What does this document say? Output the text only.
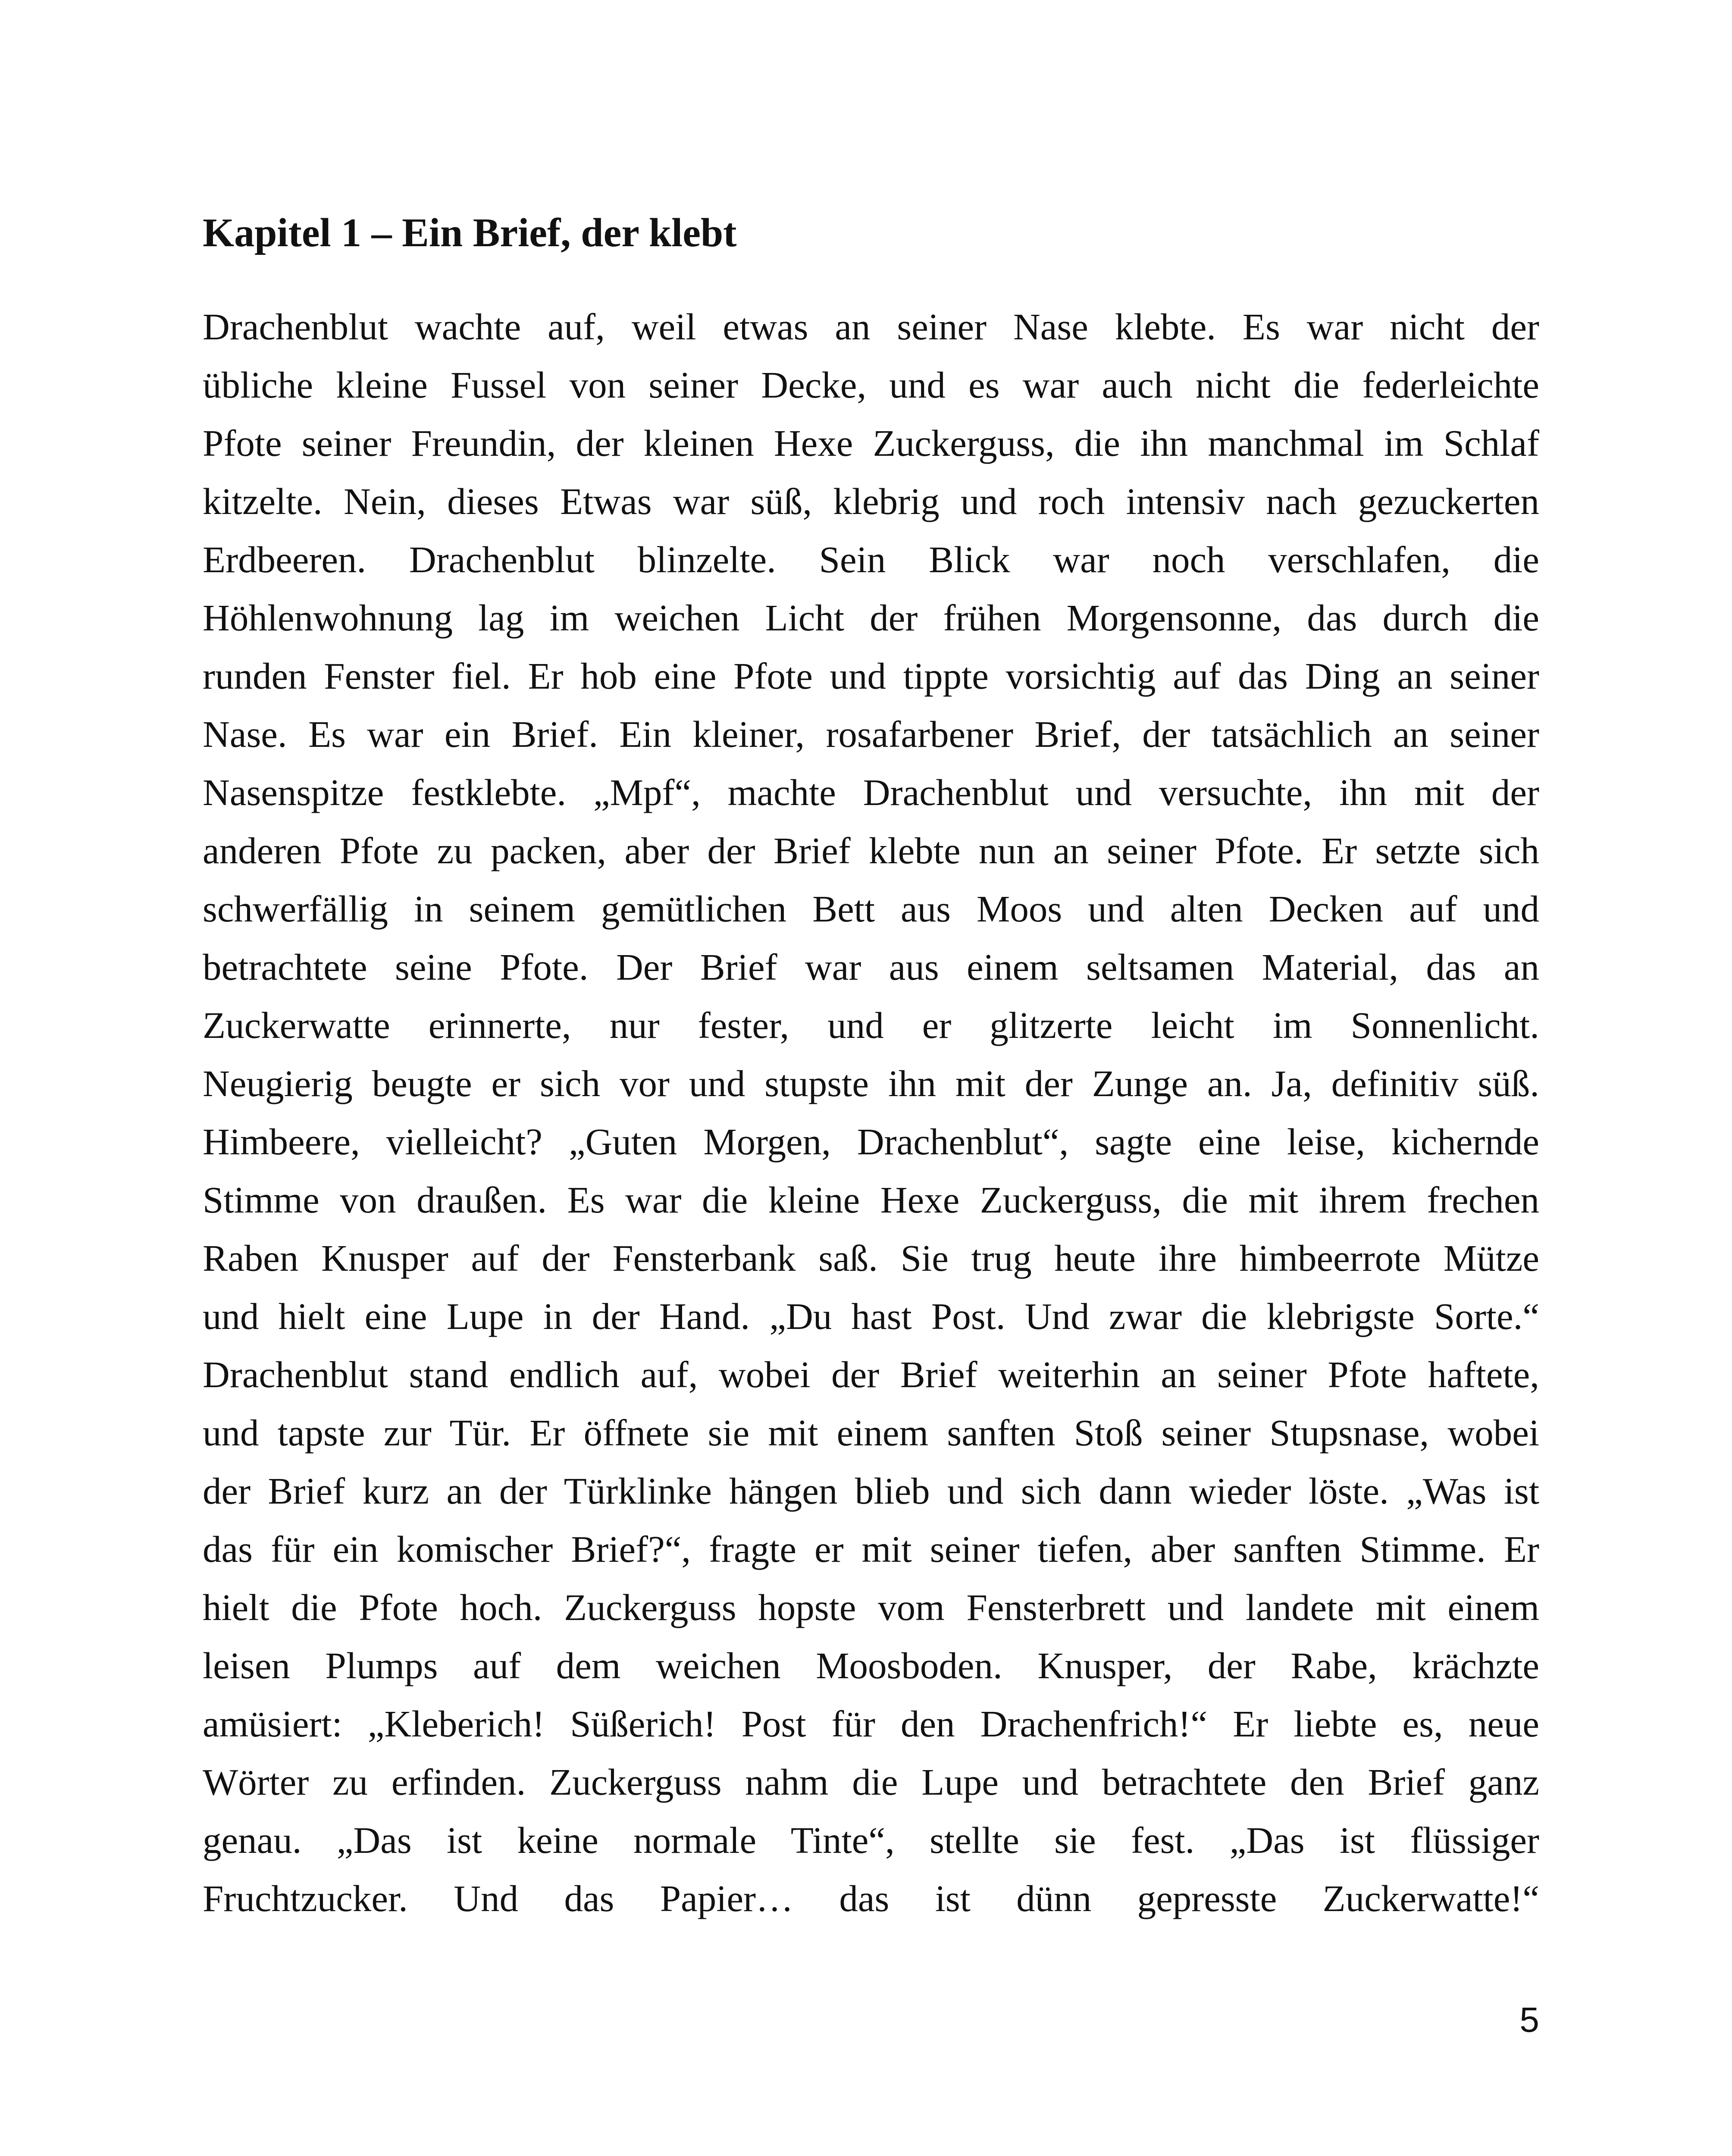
Kapitel 1 – Ein Brief, der klebt
Drachenblut wachte auf, weil etwas an seiner Nase klebte. Es war nicht der
übliche kleine Fussel von seiner Decke, und es war auch nicht die federleichte
Pfote seiner Freundin, der kleinen Hexe Zuckerguss, die ihn manchmal im Schlaf
kitzelte. Nein, dieses Etwas war süß, klebrig und roch intensiv nach gezuckerten
Erdbeeren. Drachenblut blinzelte. Sein Blick war noch verschlafen, die
Höhlenwohnung lag im weichen Licht der frühen Morgensonne, das durch die
runden Fenster fiel. Er hob eine Pfote und tippte vorsichtig auf das Ding an seiner
Nase. Es war ein Brief. Ein kleiner, rosafarbener Brief, der tatsächlich an seiner
Nasenspitze festklebte. „Mpf“, machte Drachenblut und versuchte, ihn mit der
anderen Pfote zu packen, aber der Brief klebte nun an seiner Pfote. Er setzte sich
schwerfällig in seinem gemütlichen Bett aus Moos und alten Decken auf und
betrachtete seine Pfote. Der Brief war aus einem seltsamen Material, das an
Zuckerwatte erinnerte, nur fester, und er glitzerte leicht im Sonnenlicht.
Neugierig beugte er sich vor und stupste ihn mit der Zunge an. Ja, definitiv süß.
Himbeere, vielleicht? „Guten Morgen, Drachenblut“, sagte eine leise, kichernde
Stimme von draußen. Es war die kleine Hexe Zuckerguss, die mit ihrem frechen
Raben Knusper auf der Fensterbank saß. Sie trug heute ihre himbeerrote Mütze
und hielt eine Lupe in der Hand. „Du hast Post. Und zwar die klebrigste Sorte.“
Drachenblut stand endlich auf, wobei der Brief weiterhin an seiner Pfote haftete,
und tapste zur Tür. Er öffnete sie mit einem sanften Stoß seiner Stupsnase, wobei
der Brief kurz an der Türklinke hängen blieb und sich dann wieder löste. „Was ist
das für ein komischer Brief?“, fragte er mit seiner tiefen, aber sanften Stimme. Er
hielt die Pfote hoch. Zuckerguss hopste vom Fensterbrett und landete mit einem
leisen Plumps auf dem weichen Moosboden. Knusper, der Rabe, krächzte
amüsiert: „Kleberich! Süßerich! Post für den Drachenfrich!“ Er liebte es, neue
Wörter zu erfinden. Zuckerguss nahm die Lupe und betrachtete den Brief ganz
genau. „Das ist keine normale Tinte“, stellte sie fest. „Das ist flüssiger
Fruchtzucker. Und das Papier… das ist dünn gepresste Zuckerwatte!“
5
